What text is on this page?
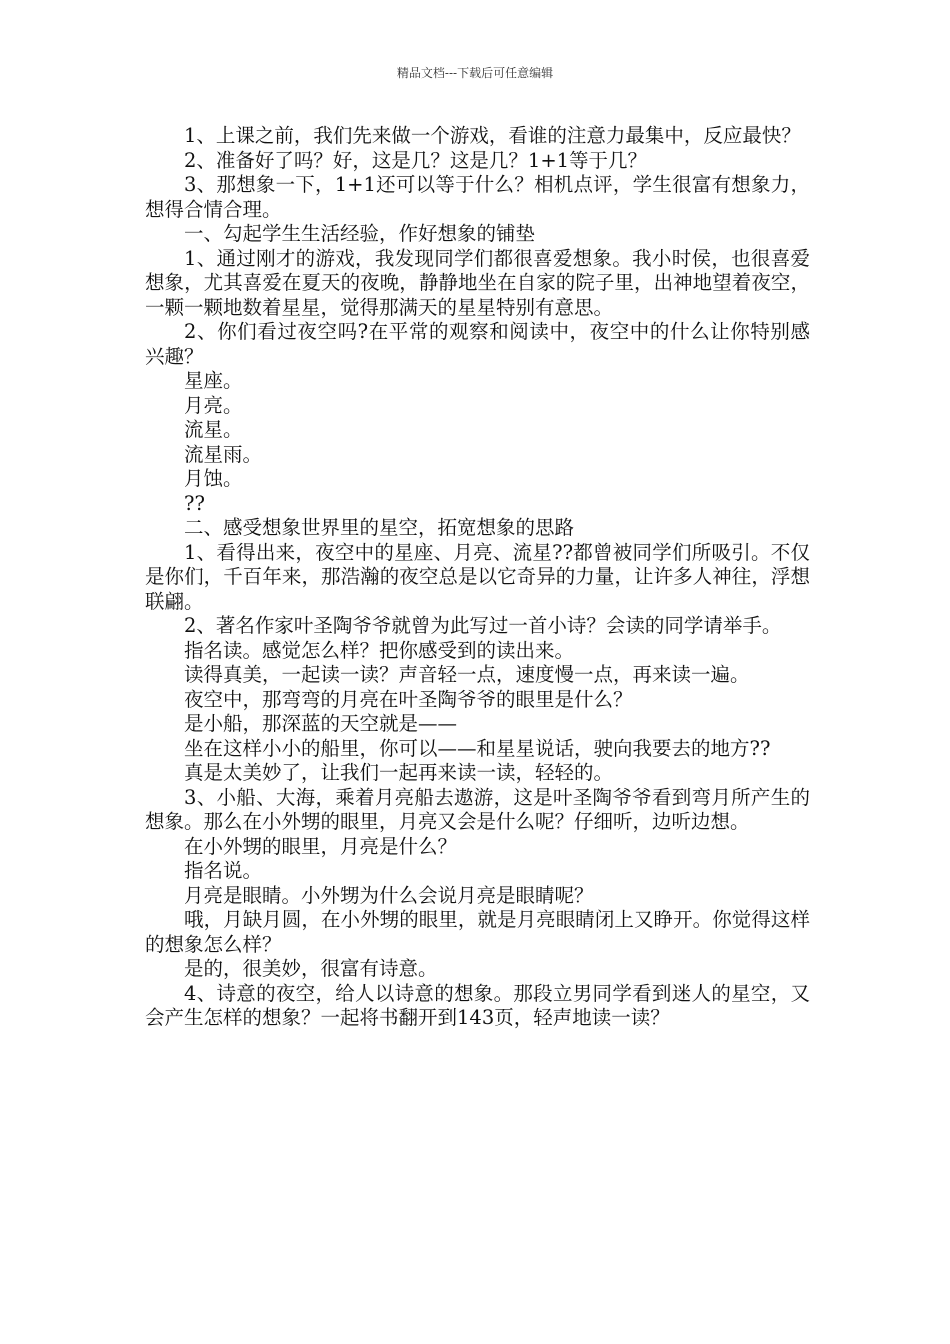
精品文档---下载后可任意编辑

1、上课之前，我们先来做一个游戏，看谁的注意力最集中，反应最快？

2、准备好了吗？好，这是几？这是几？1+1等于几？

3、那想象一下，1+1还可以等于什么？相机点评，学生很富有想象力，想得合情合理。

一、勾起学生生活经验，作好想象的铺垫

1、通过刚才的游戏，我发现同学们都很喜爱想象。我小时侯，也很喜爱想象，尤其喜爱在夏天的夜晚，静静地坐在自家的院子里，出神地望着夜空，一颗一颗地数着星星，觉得那满天的星星特别有意思。

2、你们看过夜空吗?在平常的观察和阅读中，夜空中的什么让你特别感兴趣？

星座。

月亮。

流星。

流星雨。

月蚀。

??

二、感受想象世界里的星空，拓宽想象的思路

1、看得出来，夜空中的星座、月亮、流星??都曾被同学们所吸引。不仅是你们，千百年来，那浩瀚的夜空总是以它奇异的力量，让许多人神往，浮想联翩。

2、著名作家叶圣陶爷爷就曾为此写过一首小诗？会读的同学请举手。

指名读。感觉怎么样？把你感受到的读出来。

读得真美，一起读一读？声音轻一点，速度慢一点，再来读一遍。

夜空中，那弯弯的月亮在叶圣陶爷爷的眼里是什么？

是小船，那深蓝的天空就是——

坐在这样小小的船里，你可以——和星星说话，驶向我要去的地方??

真是太美妙了，让我们一起再来读一读，轻轻的。

3、小船、大海，乘着月亮船去遨游，这是叶圣陶爷爷看到弯月所产生的想象。那么在小外甥的眼里，月亮又会是什么呢？仔细听，边听边想。

在小外甥的眼里，月亮是什么？

指名说。

月亮是眼睛。小外甥为什么会说月亮是眼睛呢？

哦，月缺月圆，在小外甥的眼里，就是月亮眼睛闭上又睁开。你觉得这样的想象怎么样？

是的，很美妙，很富有诗意。

4、诗意的夜空，给人以诗意的想象。那段立男同学看到迷人的星空，又会产生怎样的想象？一起将书翻开到143页，轻声地读一读？
